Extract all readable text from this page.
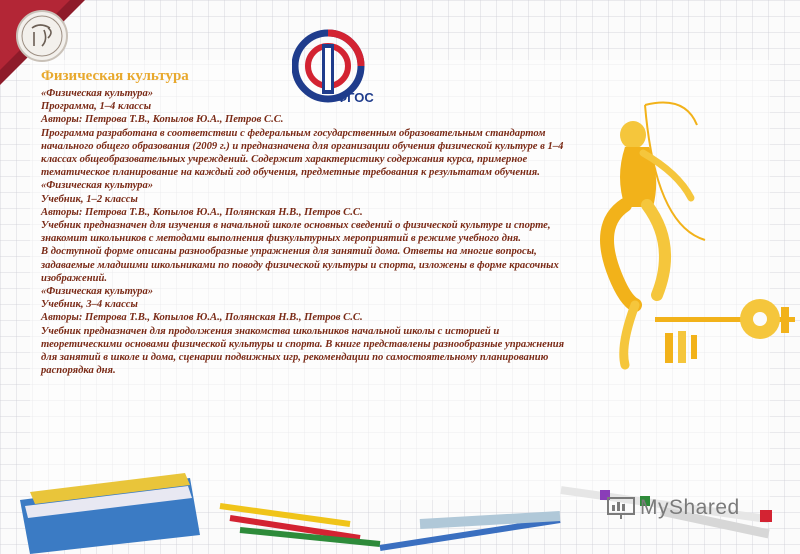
ФГОС
Физическая культура
«Физическая культура»
Программа, 1–4 классы
Авторы: Петрова Т.В., Копылов Ю.А., Петров С.С.
Программа разработана в соответствии с федеральным государственным образовательным стандартом начального общего образования (2009 г.) и предназначена для организации обучения физической культуре в 1–4 классах общеобразовательных учреждений. Содержит характеристику содержания курса, примерное тематическое планирование на каждый год обучения, предметные требования к результатам обучения.
«Физическая культура»
Учебник, 1–2 классы
Авторы: Петрова Т.В., Копылов Ю.А., Полянская Н.В., Петров С.С.
Учебник предназначен для изучения в начальной школе основных сведений о физической культуре и спорте, знакомит школьников с методами выполнения физкультурных мероприятий в режиме учебного дня.
В доступной форме описаны разнообразные упражнения для занятий дома. Ответы на многие вопросы, задаваемые младшими школьниками по поводу физической культуры и спорта, изложены в форме красочных изображений.
«Физическая культура»
Учебник, 3–4 классы
Авторы: Петрова Т.В., Копылов Ю.А., Полянская Н.В., Петров С.С.
Учебник предназначен для продолжения знакомства школьников начальной школы с историей и теоретическими основами физической культуры и спорта. В книге представлены разнообразные упражнения для занятий в школе и дома, сценарии подвижных игр, рекомендации по самостоятельному планированию распорядка дня.
MyShared
